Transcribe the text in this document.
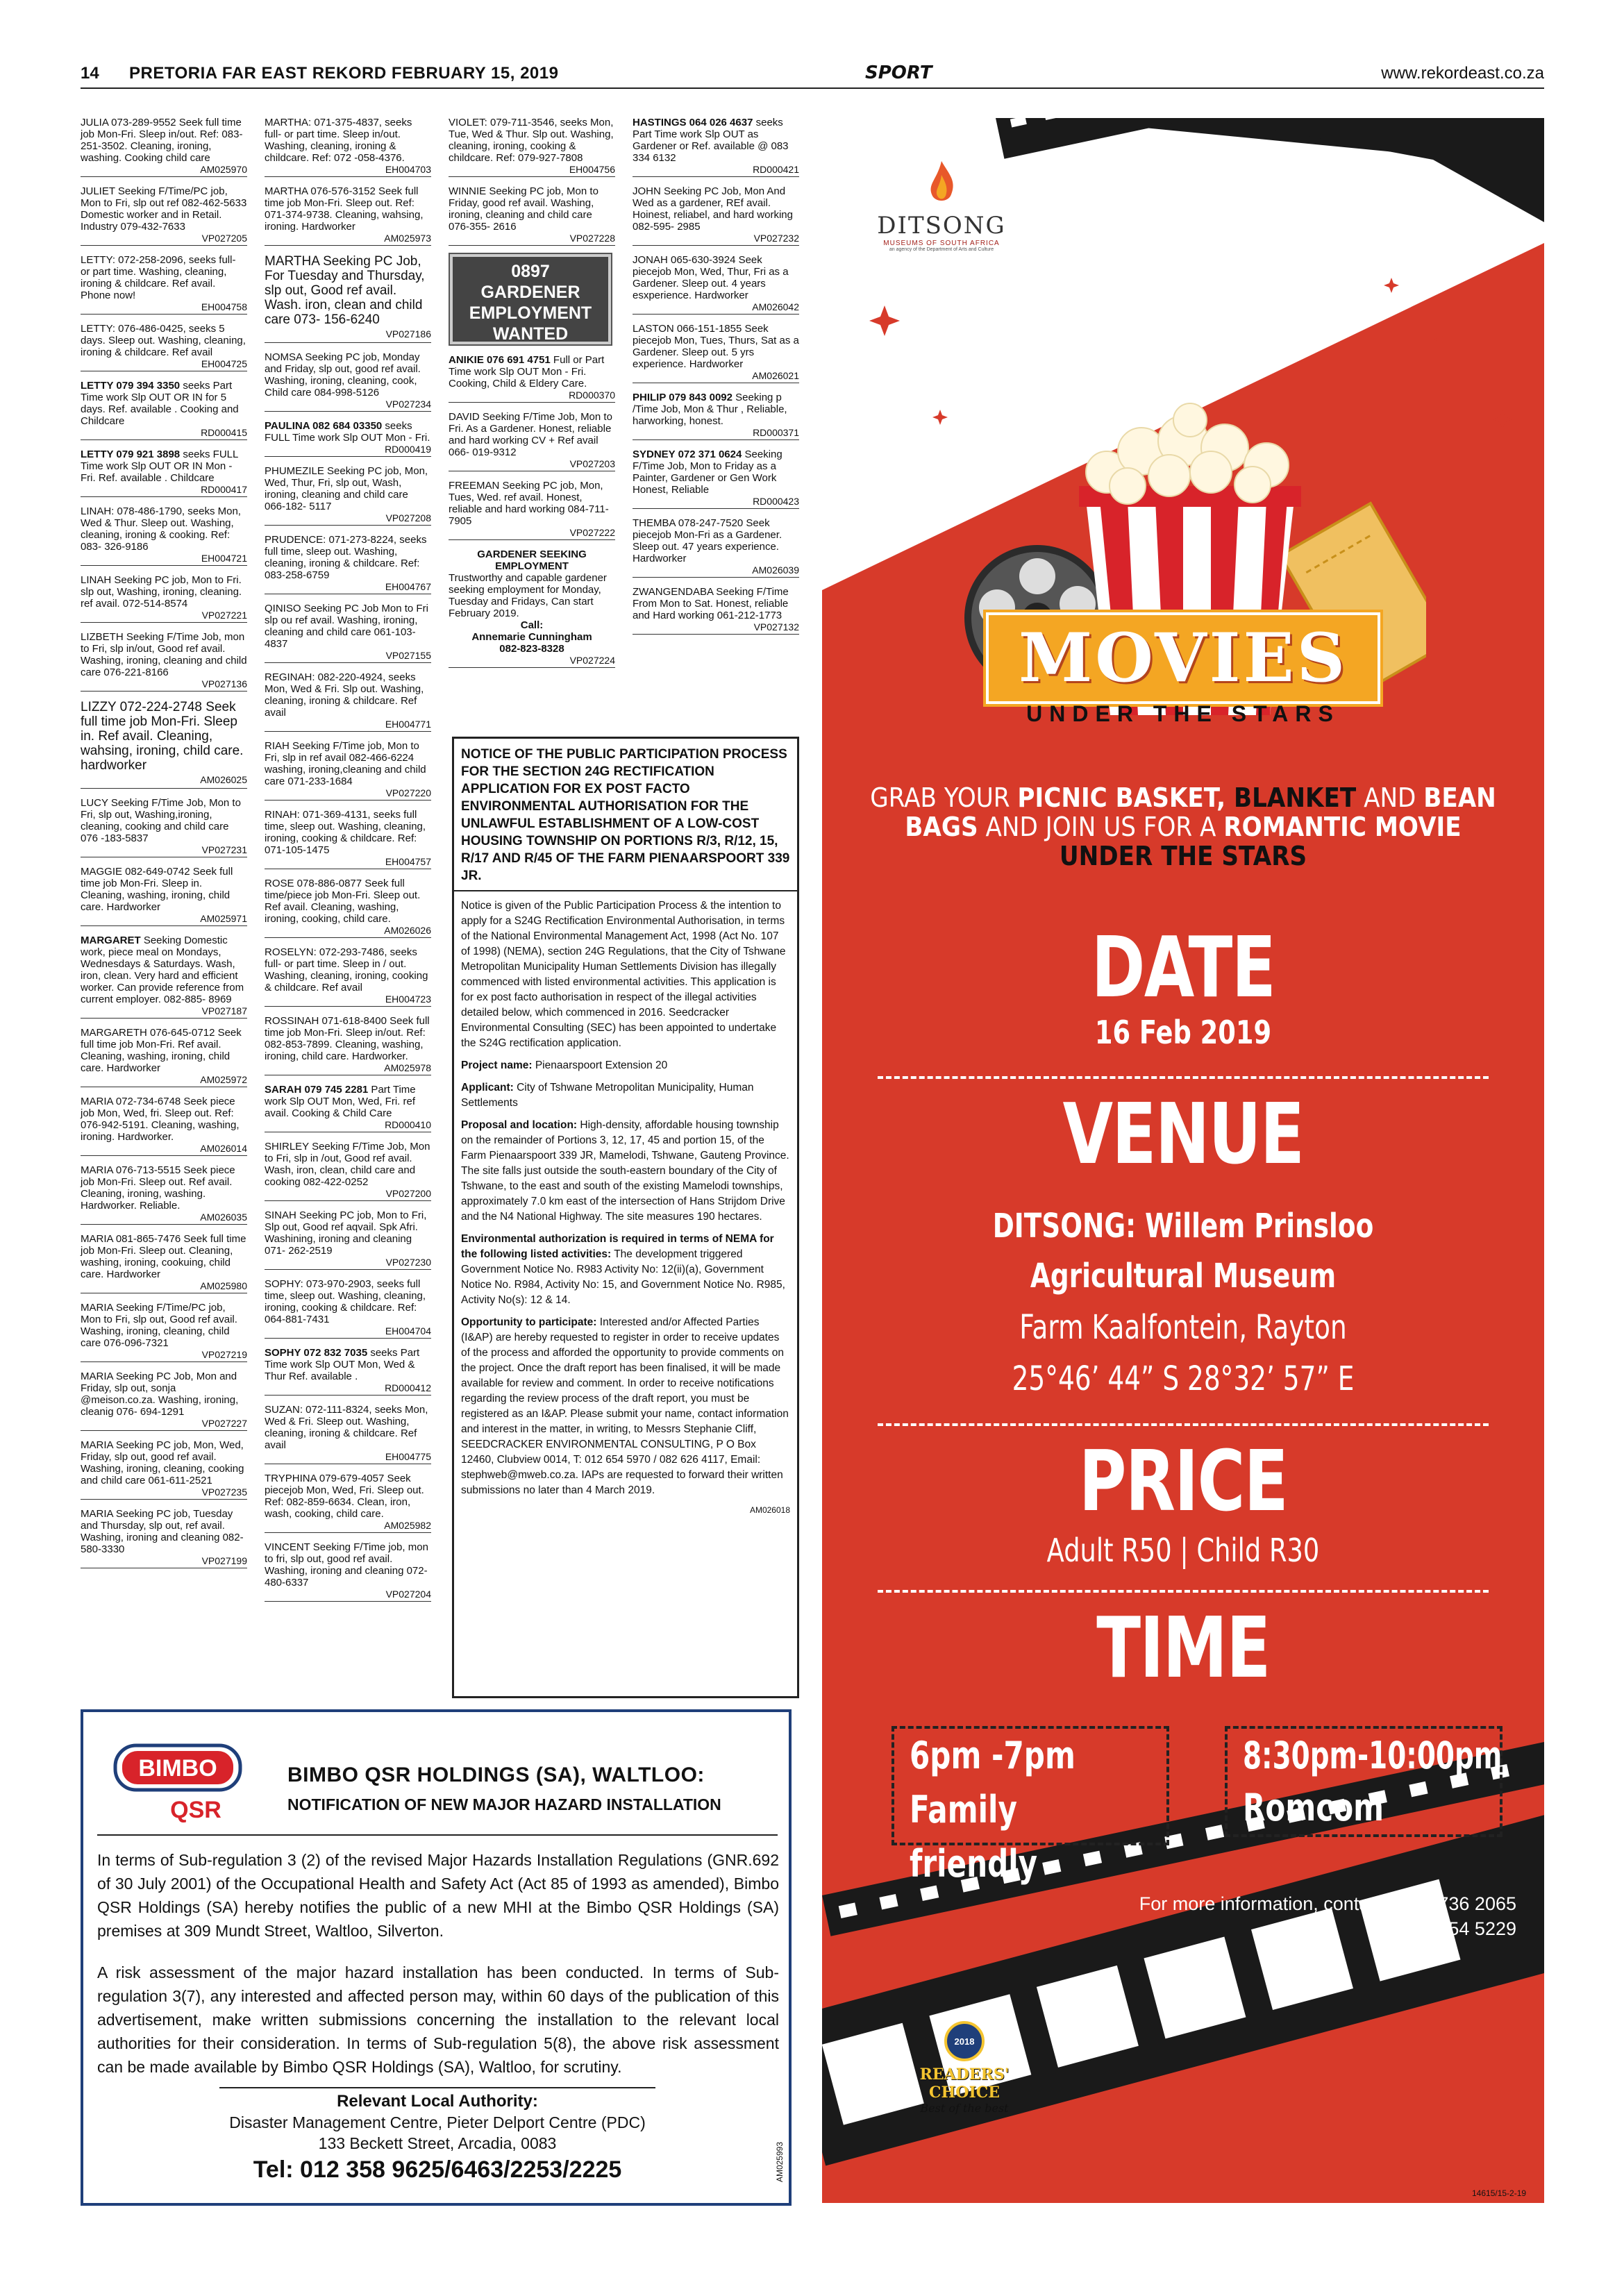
14 PRETORIA FAR EAST REKORD FEBRUARY 15, 2019	SPORT	www.rekordeast.co.za
JULIA 073-289-9552 Seek full time job Mon-Fri. Sleep in/out. Ref: 083-251-3502. Cleaning, ironing, washing. Cooking child care
AM025970
JULIET Seeking F/Time/PC job, Mon to Fri, slp out ref 082-462-5633 Domestic worker and in Retail. Industry 079-432-7633
VP027205
LETTY: 072-258-2096, seeks full- or part time. Washing, cleaning, ironing & childcare. Ref avail. Phone now!
EH004758
LETTY: 076-486-0425, seeks 5 days. Sleep out. Washing, cleaning, ironing & childcare. Ref avail
EH004725
LETTY 079 394 3350 seeks Part Time work Slp OUT OR IN for 5 days. Ref. available . Cooking and Childcare
RD000415
LETTY 079 921 3898 seeks FULL Time work Slp OUT OR IN Mon - Fri. Ref. available . Childcare
RD000417
LINAH: 078-486-1790, seeks Mon, Wed & Thur. Sleep out. Washing, cleaning, ironing & cooking. Ref: 083- 326-9186
EH004721
LINAH Seeking PC job, Mon to Fri. slp out, Washing, ironing, cleaning. ref avail. 072-514-8574
VP027221
LIZBETH Seeking F/Time Job, mon to Fri, slp in/out, Good ref avail. Washing, ironing, cleaning and child care 076-221-8166
VP027136
LIZZY 072-224-2748 Seek full time job Mon-Fri. Sleep in. Ref avail. Cleaning, wahsing, ironing, child care. hardworker
AM026025
LUCY Seeking F/Time Job, Mon to Fri, slp out, Washing,ironing, cleaning, cooking and child care 076 -183-5837
VP027231
MAGGIE 082-649-0742 Seek full time job Mon-Fri. Sleep in. Cleaning, washing, ironing, child care. Hardworker
AM025971
MARGARET Seeking Domestic work, piece meal on Mondays, Wednesdays & Saturdays. Wash, iron, clean. Very hard and efficient worker. Can provide reference from current employer. 082-885- 8969
VP027187
MARGARETH 076-645-0712 Seek full time job Mon-Fri. Ref avail. Cleaning, washing, ironing, child care. Hardworker
AM025972
MARIA 072-734-6748 Seek piece job Mon, Wed, fri. Sleep out. Ref: 076-942-5191. Cleaning, washing, ironing. Hardworker.
AM026014
MARIA 076-713-5515 Seek piece job Mon-Fri. Sleep out. Ref avail. Cleaning, ironing, washing. Hardworker. Reliable.
AM026035
MARIA 081-865-7476 Seek full time job Mon-Fri. Sleep out. Cleaning, washing, ironing, cookuing, child care. Hardworker
AM025980
MARIA Seeking F/Time/PC job, Mon to Fri, slp out, Good ref avail. Washing, ironing, cleaning, child care 076-096-7321
VP027219
MARIA Seeking PC Job, Mon and Friday, slp out, sonja @meison.co.za. Washing, ironing, cleanig 076- 694-1291
VP027227
MARIA Seeking PC job, Mon, Wed, Friday, slp out, good ref avail. Washing, ironing, cleaning, cooking and child care 061-611-2521
VP027235
MARIA Seeking PC job, Tuesday and Thursday, slp out, ref avail. Washing, ironing and cleaning 082-580-3330
VP027199
MARTHA: 071-375-4837, seeks full- or part time. Sleep in/out. Washing, cleaning, ironing & childcare. Ref: 072 -058-4376.
EH004703
MARTHA 076-576-3152 Seek full time job Mon-Fri. Sleep out. Ref: 071-374-9738. Cleaning, wahsing, ironing. Hardworker
AM025973
MARTHA Seeking PC Job, For Tuesday and Thursday, slp out, Good ref avail. Wash. iron, clean and child care 073- 156-6240
VP027186
NOMSA Seeking PC job, Monday and Friday, slp out, good ref avail. Washing, ironing, cleaning, cook, Child care 084-998-5126
VP027234
PAULINA 082 684 03350 seeks FULL Time work Slp OUT Mon - Fri.
RD000419
PHUMEZILE Seeking PC job, Mon, Wed, Thur, Fri, slp out, Wash, ironing, cleaning and child care 066-182- 5117
VP027208
PRUDENCE: 071-273-8224, seeks full time, sleep out. Washing, cleaning, ironing & childcare. Ref: 083-258-6759
EH004767
QINISO Seeking PC Job Mon to Fri slp ou ref avail. Washing, ironing, cleaning and child care 061-103- 4837
VP027155
REGINAH: 082-220-4924, seeks Mon, Wed & Fri. Slp out. Washing, cleaning, ironing & childcare. Ref avail
EH004771
RIAH Seeking F/Time job, Mon to Fri, slp in ref avail 082-466-6224 washing, ironing,cleaning and child care 071-233-1684
VP027220
RINAH: 071-369-4131, seeks full time, sleep out. Washing, cleaning, ironing, cooking & childcare. Ref: 071-105-1475
EH004757
ROSE 078-886-0877 Seek full time/piece job Mon-Fri. Sleep out. Ref avail. Cleaning, washing, ironing, cooking, child care.
AM026026
ROSELYN: 072-293-7486, seeks full- or part time. Sleep in / out. Washing, cleaning, ironing, cooking & childcare. Ref avail
EH004723
ROSSINAH 071-618-8400 Seek full time job Mon-Fri. Sleep in/out. Ref: 082-853-7899. Cleaning, washing, ironing, child care. Hardworker.
AM025978
SARAH 079 745 2281 Part Time work Slp OUT Mon, Wed, Fri. ref avail. Cooking & Child Care
RD000410
SHIRLEY Seeking F/Time Job, Mon to Fri, slp in /out, Good ref avail. Wash, iron, clean, child care and cooking 082-422-0252
VP027200
SINAH Seeking PC job, Mon to Fri, Slp out, Good ref aqvail. Spk Afri. Washining, ironing and cleaning 071- 262-2519
VP027230
SOPHY: 073-970-2903, seeks full time, sleep out. Washing, cleaning, ironing, cooking & childcare. Ref: 064-881-7431
EH004704
SOPHY 072 832 7035 seeks Part Time work Slp OUT Mon, Wed & Thur Ref. available .
RD000412
SUZAN: 072-111-8324, seeks Mon, Wed & Fri. Sleep out. Washing, cleaning, ironing & childcare. Ref avail
EH004775
TRYPHINA 079-679-4057 Seek piecejob Mon, Wed, Fri. Sleep out. Ref: 082-859-6634. Clean, iron, wash, cooking, child care.
AM025982
VINCENT Seeking F/Time job, mon to fri, slp out, good ref avail. Washing, ironing and cleaning 072-480-6337
VP027204
VIOLET: 079-711-3546, seeks Mon, Tue, Wed & Thur. Slp out. Washing, cleaning, ironing, cooking & childcare. Ref: 079-927-7808
EH004756
WINNIE Seeking PC job, Mon to Friday, good ref avail. Washing, ironing, cleaning and child care 076-355- 2616
VP027228
0897
GARDENER
EMPLOYMENT
WANTED
ANIKIE 076 691 4751 Full or Part Time work Slp OUT Mon - Fri. Cooking, Child & Eldery Care.
RD000370
DAVID Seeking F/Time Job, Mon to Fri. As a Gardener. Honest, reliable and hard working CV + Ref avail 066- 019-9312
VP027203
FREEMAN Seeking PC job, Mon, Tues, Wed. ref avail. Honest, reliable and hard working 084-711-7905
VP027222
GARDENER SEEKING EMPLOYMENT
Trustworthy and capable gardener seeking employment for Monday, Tuesday and Fridays, Can start February 2019.
Call:
Annemarie Cunningham
082-823-8328
VP027224
HASTINGS 064 026 4637 seeks Part Time work Slp OUT as Gardener or Ref. available @ 083 334 6132
RD000421
JOHN Seeking PC Job, Mon And Wed as a gardener, REf avail. Hoinest, reliabel, and hard working 082-595- 2985
VP027232
JONAH 065-630-3924 Seek piecejob Mon, Wed, Thur, Fri as a Gardener. Sleep out. 4 years esxperience. Hardworker
AM026042
LASTON 066-151-1855 Seek piecejob Mon, Tues, Thurs, Sat as a Gardener. Sleep out. 5 yrs experience. Hardworker
AM026021
PHILIP 079 843 0092 Seeking p /Time Job, Mon & Thur , Reliable, harworking, honest.
RD000371
SYDNEY 072 371 0624 Seeking F/Time Job, Mon to Friday as a Painter, Gardener or Gen Work Honest, Reliable
RD000423
THEMBA 078-247-7520 Seek piecejob Mon-Fri as a Gardener. Sleep out. 47 years experience. Hardworker
AM026039
ZWANGENDABA Seeking F/Time From Mon to Sat. Honest, reliable and Hard working 061-212-1773
VP027132
NOTICE OF THE PUBLIC PARTICIPATION PROCESS FOR THE SECTION 24G RECTIFICATION APPLICATION FOR EX POST FACTO ENVIRONMENTAL AUTHORISATION FOR THE UNLAWFUL ESTABLISHMENT OF A LOW-COST HOUSING TOWNSHIP ON PORTIONS R/3, R/12, 15, R/17 AND R/45 OF THE FARM PIENAARSPOORT 339 JR.

Notice is given of the Public Participation Process & the intention to apply for a S24G Rectification Environmental Authorisation, in terms of the National Environmental Management Act, 1998 (Act No. 107 of 1998) (NEMA), section 24G Regulations, that the City of Tshwane Metropolitan Municipality Human Settlements Division has illegally commenced with listed environmental activities. This application is for ex post facto authorisation in respect of the illegal activities detailed below, which commenced in 2016. Seedcracker Environmental Consulting (SEC) has been appointed to undertake the S24G rectification application.

Project name: Pienaarspoort Extension 20

Applicant: City of Tshwane Metropolitan Municipality, Human Settlements

Proposal and location: High-density, affordable housing township on the remainder of Portions 3, 12, 17, 45 and portion 15, of the Farm Pienaarspoort 339 JR, Mamelodi, Tshwane, Gauteng Province. The site falls just outside the south-eastern boundary of the City of Tshwane, to the east and south of the existing Mamelodi townships, approximately 7.0 km east of the intersection of Hans Strijdom Drive and the N4 National Highway. The site measures 190 hectares.

Environmental authorization is required in terms of NEMA for the following listed activities: The development triggered Government Notice No. R983 Activity No: 12(ii)(a), Government Notice No. R984, Activity No: 15, and Government Notice No. R985, Activity No(s): 12 & 14.

Opportunity to participate: Interested and/or Affected Parties (I&AP) are hereby requested to register in order to receive updates of the process and afforded the opportunity to provide comments on the project. Once the draft report has been finalised, it will be made available for review and comment. In order to receive notifications regarding the review process of the draft report, you must be registered as an I&AP. Please submit your name, contact information and interest in the matter, in writing, to Messrs Stephanie Cliff, SEEDCRACKER ENVIRONMENTAL CONSULTING, P O Box 12460, Clubview 0014, T: 012 654 5970 / 082 626 4117, Email: stephweb@mweb.co.za. IAPs are requested to forward their written submissions no later than 4 March 2019.

AM026018
BIMBO
QSR
BIMBO QSR HOLDINGS (SA), WALTLOO:
NOTIFICATION OF NEW MAJOR HAZARD INSTALLATION
In terms of Sub-regulation 3 (2) of the revised Major Hazards Installation Regulations (GNR.692 of 30 July 2001) of the Occupational Health and Safety Act (Act 85 of 1993 as amended), Bimbo QSR Holdings (SA) hereby notifies the public of a new MHI at the Bimbo QSR Holdings (SA) premises at 309 Mundt Street, Waltloo, Silverton.
A risk assessment of the major hazard installation has been conducted. In terms of Sub-regulation 3(7), any interested and affected person may, within 60 days of the publication of this advertisement, make written submissions concerning the installation to the relevant local authorities for their consideration. In terms of Sub-regulation 5(8), the above risk assessment can be made available by Bimbo QSR Holdings (SA), Waltloo, for scrutiny.
Relevant Local Authority:
Disaster Management Centre, Pieter Delport Centre (PDC)
133 Beckett Street, Arcadia, 0083
Tel: 012 358 9625/6463/2253/2225	AM025993
DITSONG
MUSEUMS OF SOUTH AFRICA
an agency of the Department of Arts and Culture
MOVIES
UNDER THE STARS
GRAB YOUR PICNIC BASKET, BLANKET AND BEAN
BAGS AND JOIN US FOR A ROMANTIC MOVIE
UNDER THE STARS
DATE
16 Feb 2019
VENUE
DITSONG: Willem Prinsloo
Agricultural Museum
Farm Kaalfontein, Rayton
25°46’ 44” S 28°32’ 57” E
PRICE
Adult R50 | Child R30
TIME
6pm -7pm
Family friendly
8:30pm-10:00pm
Romcom
For more information, contact (012) 736 2065
076 054 5229
2018
READERS'
CHOICE
Best of the best
14615/15-2-19
